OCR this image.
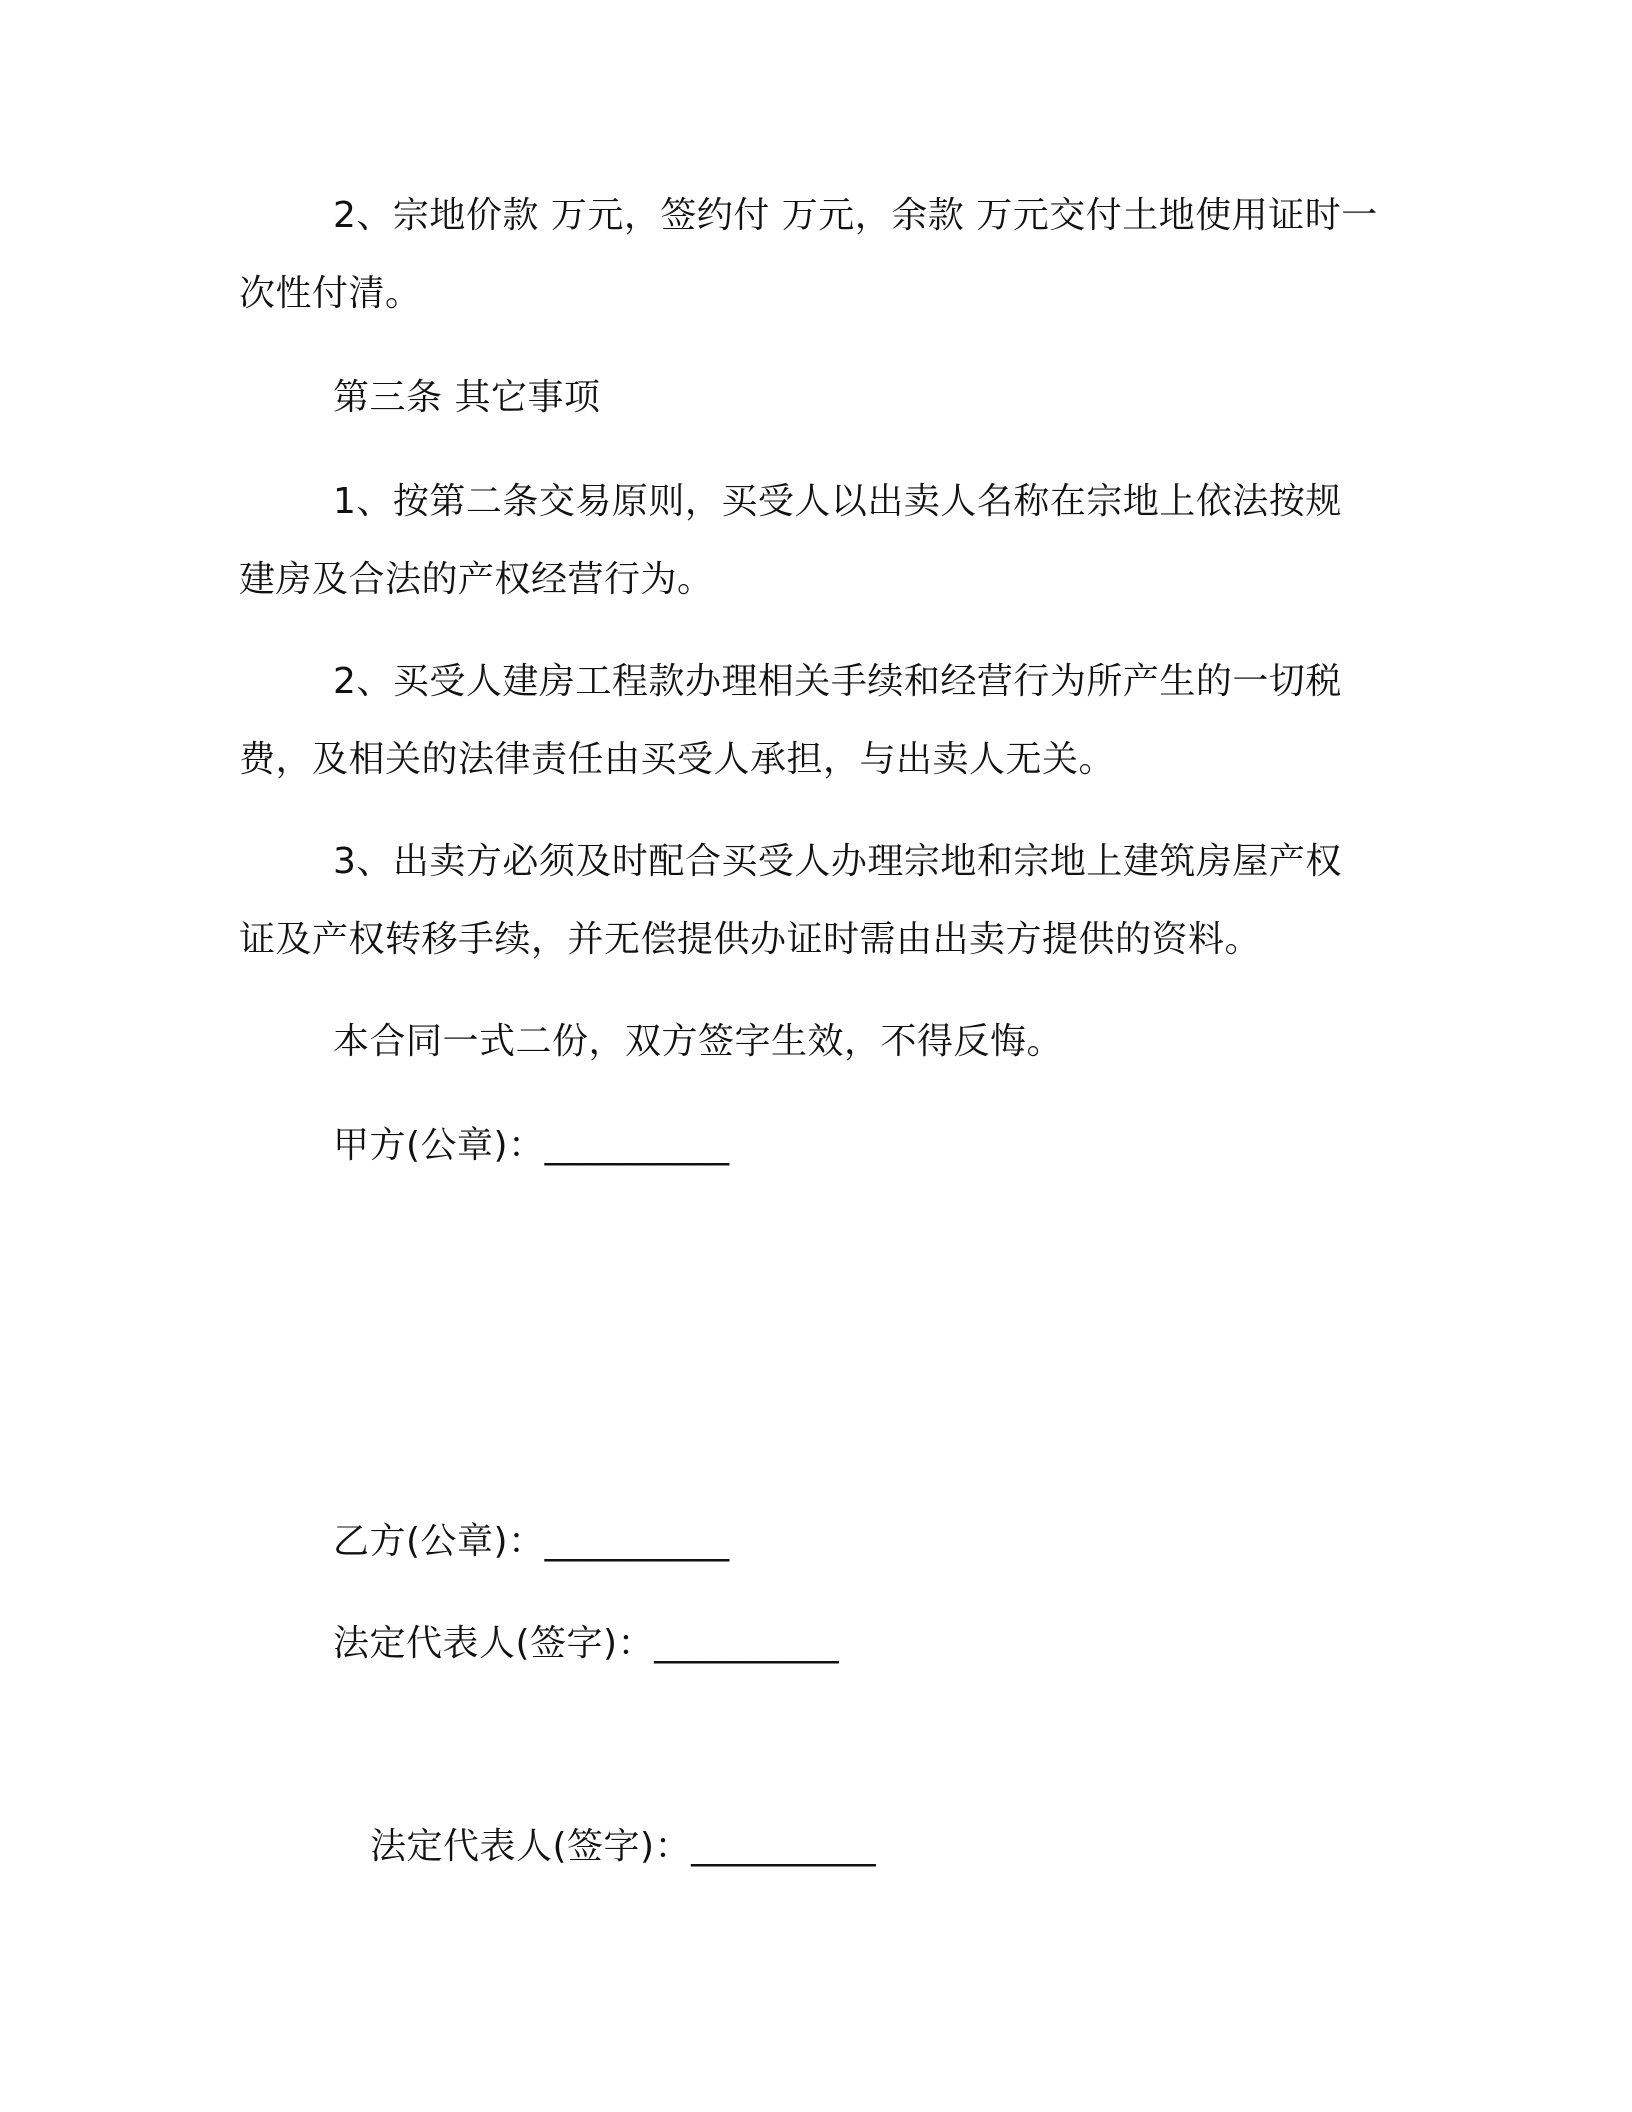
2、宗地价款 万元，签约付 万元，余款 万元交付土地使用证时一
次性付清。
第三条 其它事项
1、按第二条交易原则，买受人以出卖人名称在宗地上依法按规
建房及合法的产权经营行为。
2、买受人建房工程款办理相关手续和经营行为所产生的一切税
费，及相关的法律责任由买受人承担，与出卖人无关。
3、出卖方必须及时配合买受人办理宗地和宗地上建筑房屋产权
证及产权转移手续，并无偿提供办证时需由出卖方提供的资料。
本合同一式二份，双方签字生效，不得反悔。
甲方(公章)：__________
乙方(公章)：__________
法定代表人(签字)：__________
法定代表人(签字)：__________
